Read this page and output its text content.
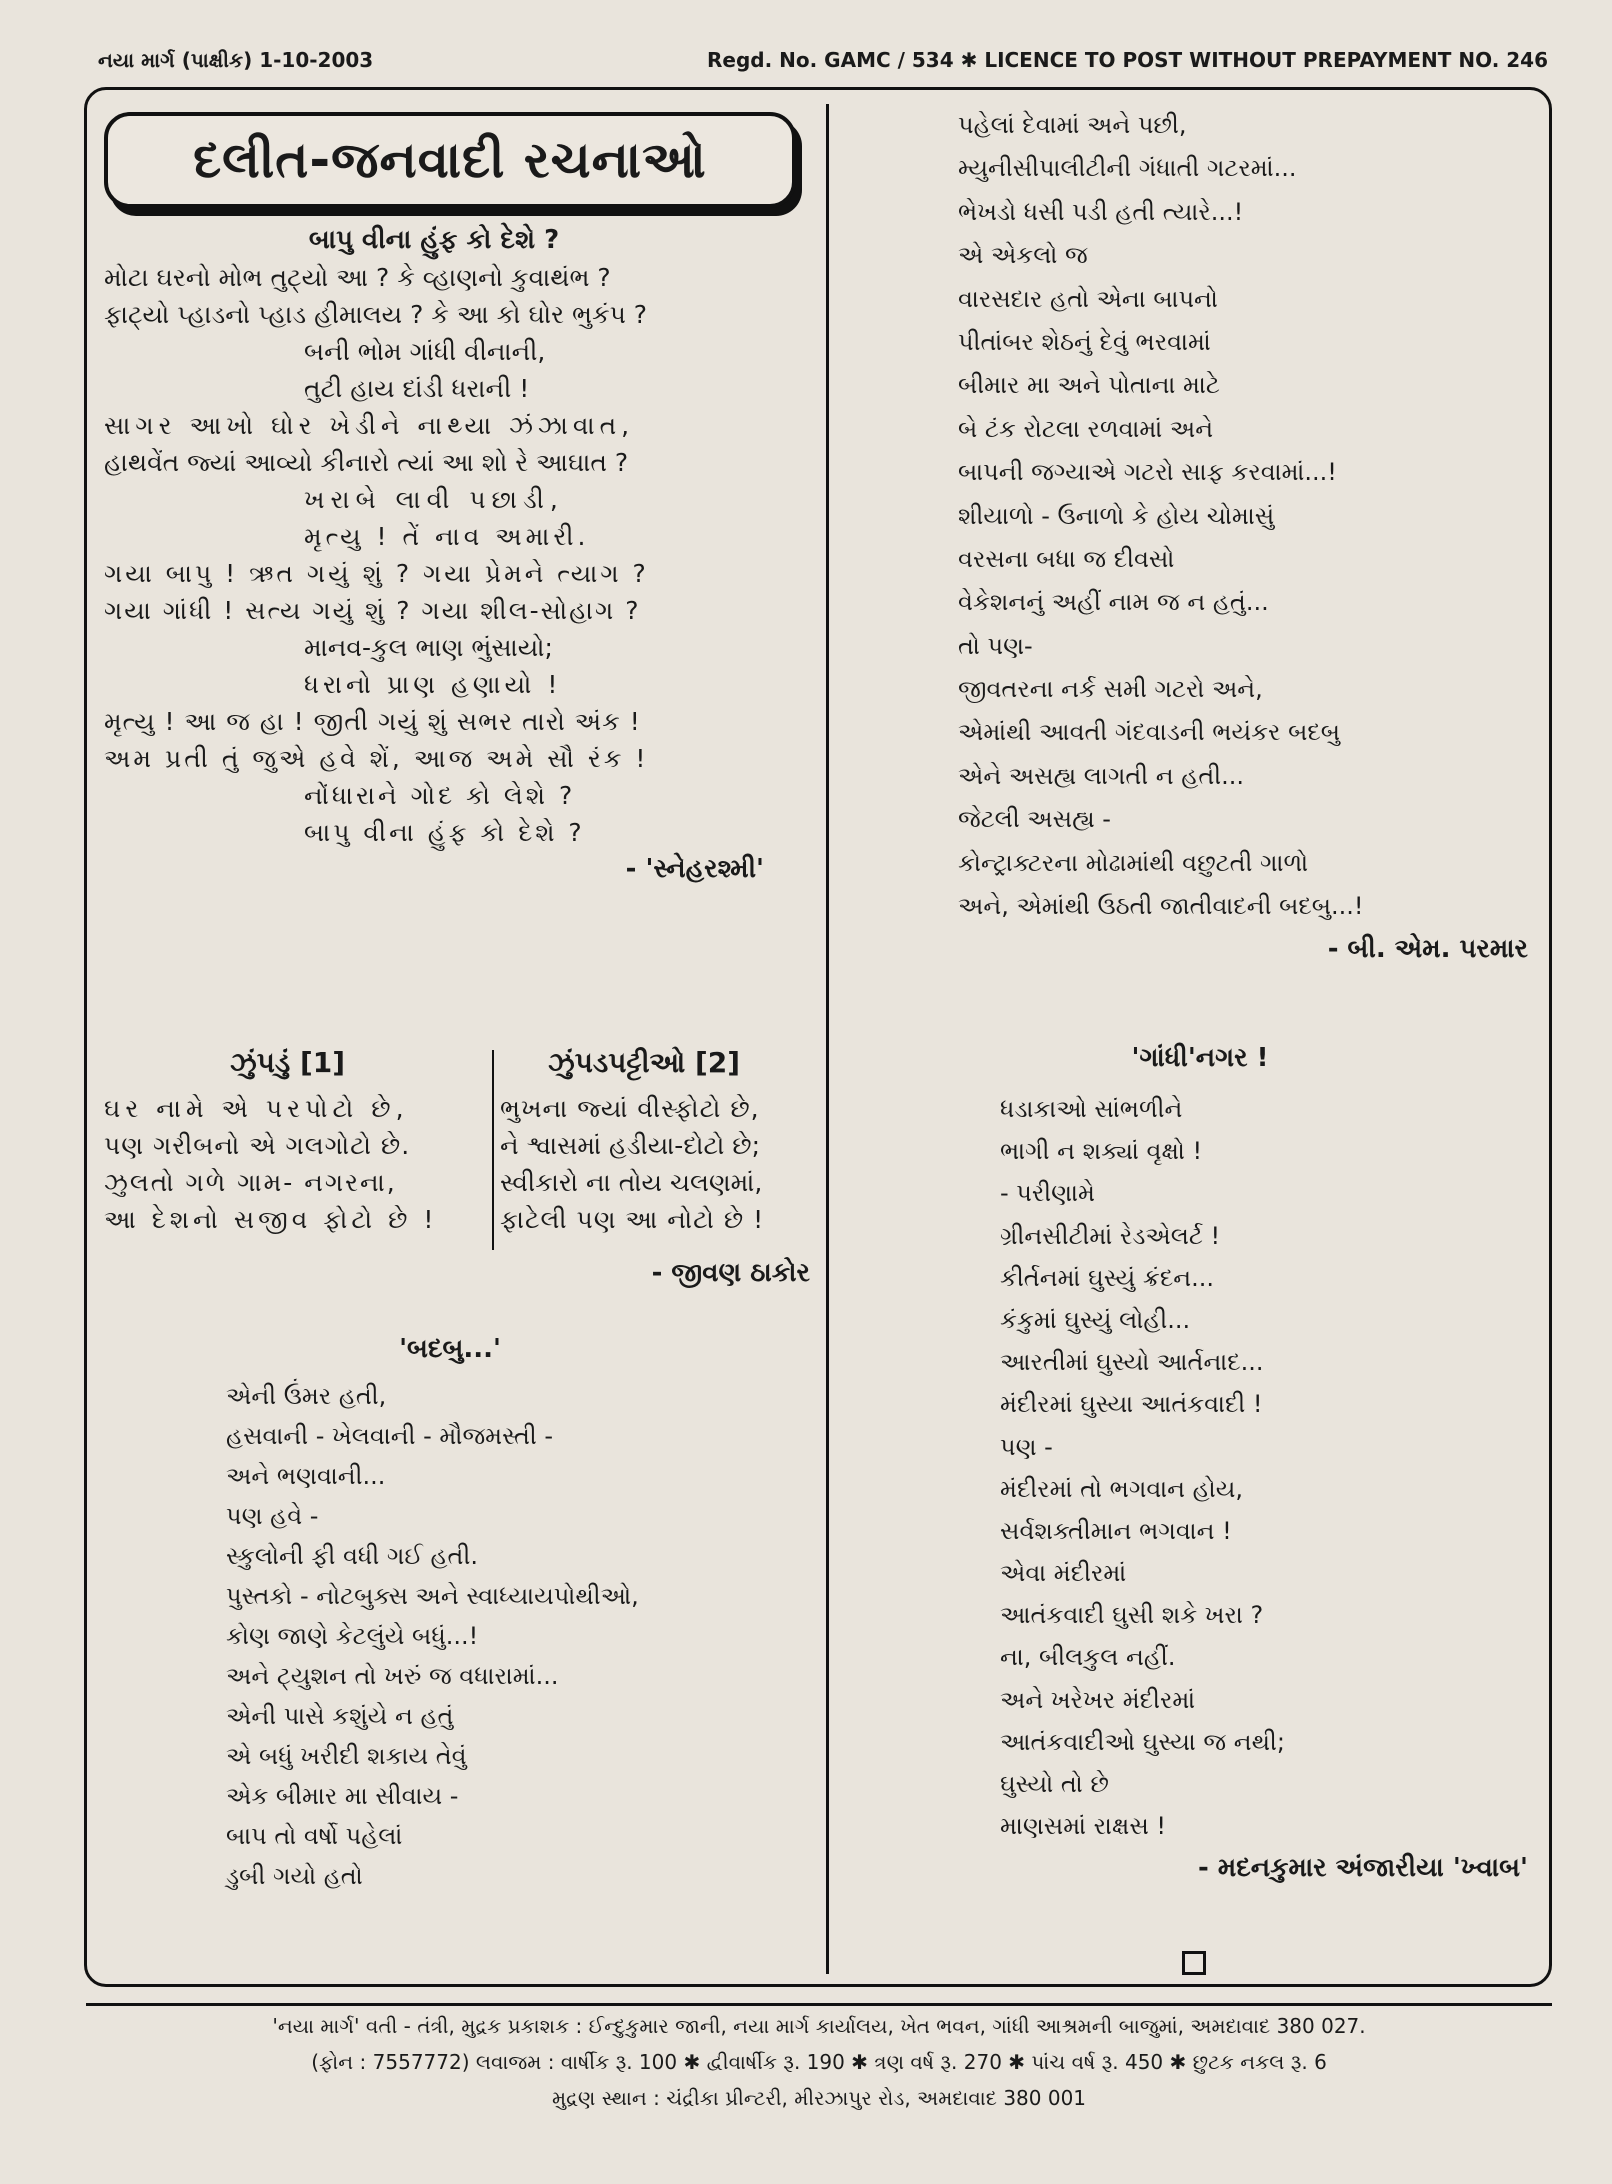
નયા માર્ગ (પાક્ષીક) 1-10-2003	Regd. No. GAMC / 534 ✱ LICENCE TO POST WITHOUT PREPAYMENT NO. 246
દલીત-જનવાદી રચનાઓ
બાપુ વીના હુંફ કો દેશે ?
મોટા ઘરનો મોભ તુટ્યો આ ? કે વ્હાણનો કુવાથંભ ?
ફાટ્યો પ્હાડનો પ્હાડ હીમાલય ? કે આ કો ઘોર ભુકંપ ?
બની ભોમ ગાંધી વીનાની,
તુટી હાય દાંડી ધરાની !
સાગર આખો ઘોર ખેડીને નાથ્યા ઝંઝાવાત,
હાથવેંત જ્યાં આવ્યો કીનારો ત્યાં આ શો રે આઘાત ?
ખરાબે લાવી પછાડી,
મૃત્યુ ! તેં નાવ અમારી.
ગયા બાપુ ! ઋત ગયું શું ? ગયા પ્રેમને ત્યાગ ?
ગયા ગાંધી ! સત્ય ગયું શું ? ગયા શીલ-સોહાગ ?
માનવ-કુલ ભાણ ભુંસાયો;
ધરાનો પ્રાણ હણાયો !
મૃત્યુ ! આ જ હા ! જીતી ગયું શું સભર તારો અંક !
અમ પ્રતી તું જુએ હવે શેં, આજ અમે સૌ રંક !
નોંધારાને ગોદ કો લેશે ?
બાપુ વીના હુંફ કો દેશે ?
- 'સ્નેહરશ્મી'
ઝુંપડું [1]	ઝુંપડપટ્ટીઓ [2]
ઘર નામે એ પરપોટો છે,
પણ ગરીબનો એ ગલગોટો છે.
ઝુલતો ગળે ગામ- નગરના,
આ દેશનો સજીવ ફોટો છે !
ભુખના જ્યાં વીસ્ફોટો છે,
ને શ્વાસમાં હડીયા-દોટો છે;
સ્વીકારો ના તોય ચલણમાં,
ફાટેલી પણ આ નોટો છે !
- જીવણ ઠાકોર
'બદબુ...'
એની ઉંમર હતી,
હસવાની - ખેલવાની - મૌજમસ્તી -
અને ભણવાની...
પણ હવે -
સ્કુલોની ફી વધી ગઈ હતી.
પુસ્તકો - નોટબુક્સ અને સ્વાધ્યાયપોથીઓ,
કોણ જાણે કેટલુંયે બધું...!
અને ટ્યુશન તો ખરું જ વધારામાં...
એની પાસે કશુંયે ન હતું
એ બધું ખરીદી શકાય તેવું
એક બીમાર મા સીવાય -
બાપ તો વર્ષો પહેલાં
ડુબી ગયો હતો
પહેલાં દેવામાં અને પછી,
મ્યુનીસીપાલીટીની ગંધાતી ગટરમાં...
ભેખડો ધસી પડી હતી ત્યારે...!
એ એકલો જ
વારસદાર હતો એના બાપનો
પીતાંબર શેઠનું દેવું ભરવામાં
બીમાર મા અને પોતાના માટે
બે ટંક રોટલા રળવામાં અને
બાપની જગ્યાએ ગટરો સાફ કરવામાં...!
શીયાળો - ઉનાળો કે હોય ચોમાસું
વરસના બધા જ દીવસો
વેકેશનનું અહીં નામ જ ન હતું...
તો પણ-
જીવતરના નર્ક સમી ગટરો અને,
એમાંથી આવતી ગંદવાડની ભયંકર બદબુ
એને અસહ્ય લાગતી ન હતી...
જેટલી અસહ્ય -
કોન્ટ્રાક્ટરના મોઢામાંથી વછુટતી ગાળો
અને, એમાંથી ઉઠતી જાતીવાદની બદબુ...!
- બી. એમ. પરમાર
'ગાંધી'નગર !
ધડાકાઓ સાંભળીને
ભાગી ન શક્યાં વૃક્ષો !
- પરીણામે
ગ્રીનસીટીમાં રેડએલર્ટ !
કીર્તનમાં ઘુસ્યું ક્રંદન...
કંકુમાં ઘુસ્યું લોહી...
આરતીમાં ઘુસ્યો આર્તનાદ...
મંદીરમાં ઘુસ્યા આતંકવાદી !
પણ -
મંદીરમાં તો ભગવાન હોય,
સર્વશક્તીમાન ભગવાન !
એવા મંદીરમાં
આતંકવાદી ઘુસી શકે ખરા ?
ના, બીલકુલ નહીં.
અને ખરેખર મંદીરમાં
આતંકવાદીઓ ઘુસ્યા જ નથી;
ઘુસ્યો તો છે
માણસમાં રાક્ષસ !
- મદનકુમાર અંજારીયા 'ખ્વાબ'
'નયા માર્ગ' વતી - તંત્રી, મુદ્રક પ્રકાશક : ઈન્દુકુમાર જાની, નયા માર્ગ કાર્યાલય, ખેત ભવન, ગાંધી આશ્રમની બાજુમાં, અમદાવાદ 380 027.
(ફોન : 7557772) લવાજમ : વાર્ષીક રૂ. 100 ✱ દ્વીવાર્ષીક રૂ. 190 ✱ ત્રણ વર્ષ રૂ. 270 ✱ પાંચ વર્ષ રૂ. 450 ✱ છુટક નકલ રૂ. 6
મુદ્રણ સ્થાન : ચંદ્રીકા પ્રીન્ટરી, મીરઝાપુર રોડ, અમદાવાદ 380 001
